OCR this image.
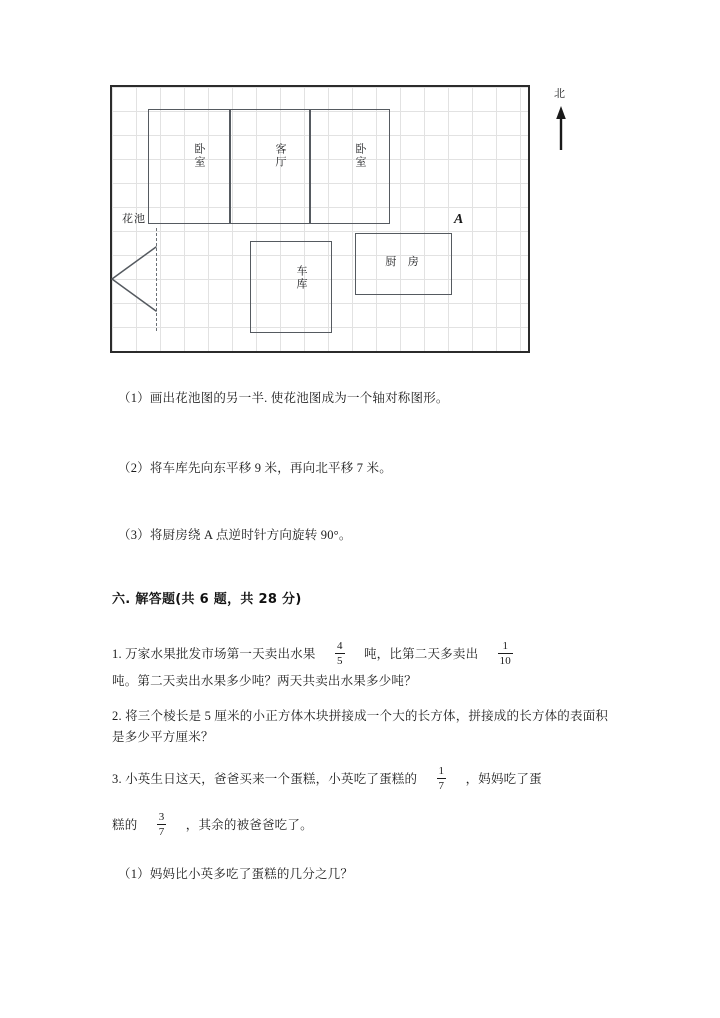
卧室	客厅	卧室
车库
厨 房
A
花池
北
（1）画出花池图的另一半. 使花池图成为一个轴对称图形。
（2）将车库先向东平移 9 米，再向北平移 7 米。
（3）将厨房绕 A 点逆时针方向旋转 90°。
六. 解答题(共 6 题，共 28 分)
1. 万家水果批发市场第一天卖出水果 $\frac{4}{5}$ 吨，比第二天多卖出 $\frac{1}{10}$
吨。第二天卖出水果多少吨？两天共卖出水果多少吨？
2. 将三个棱长是 5 厘米的小正方体木块拼接成一个大的长方体，拼接成的长方体的表面积是多少平方厘米？
3. 小英生日这天，爸爸买来一个蛋糕，小英吃了蛋糕的 $\frac{1}{7}$ ，妈妈吃了蛋
糕的 $\frac{3}{7}$ ，其余的被爸爸吃了。
（1）妈妈比小英多吃了蛋糕的几分之几？
